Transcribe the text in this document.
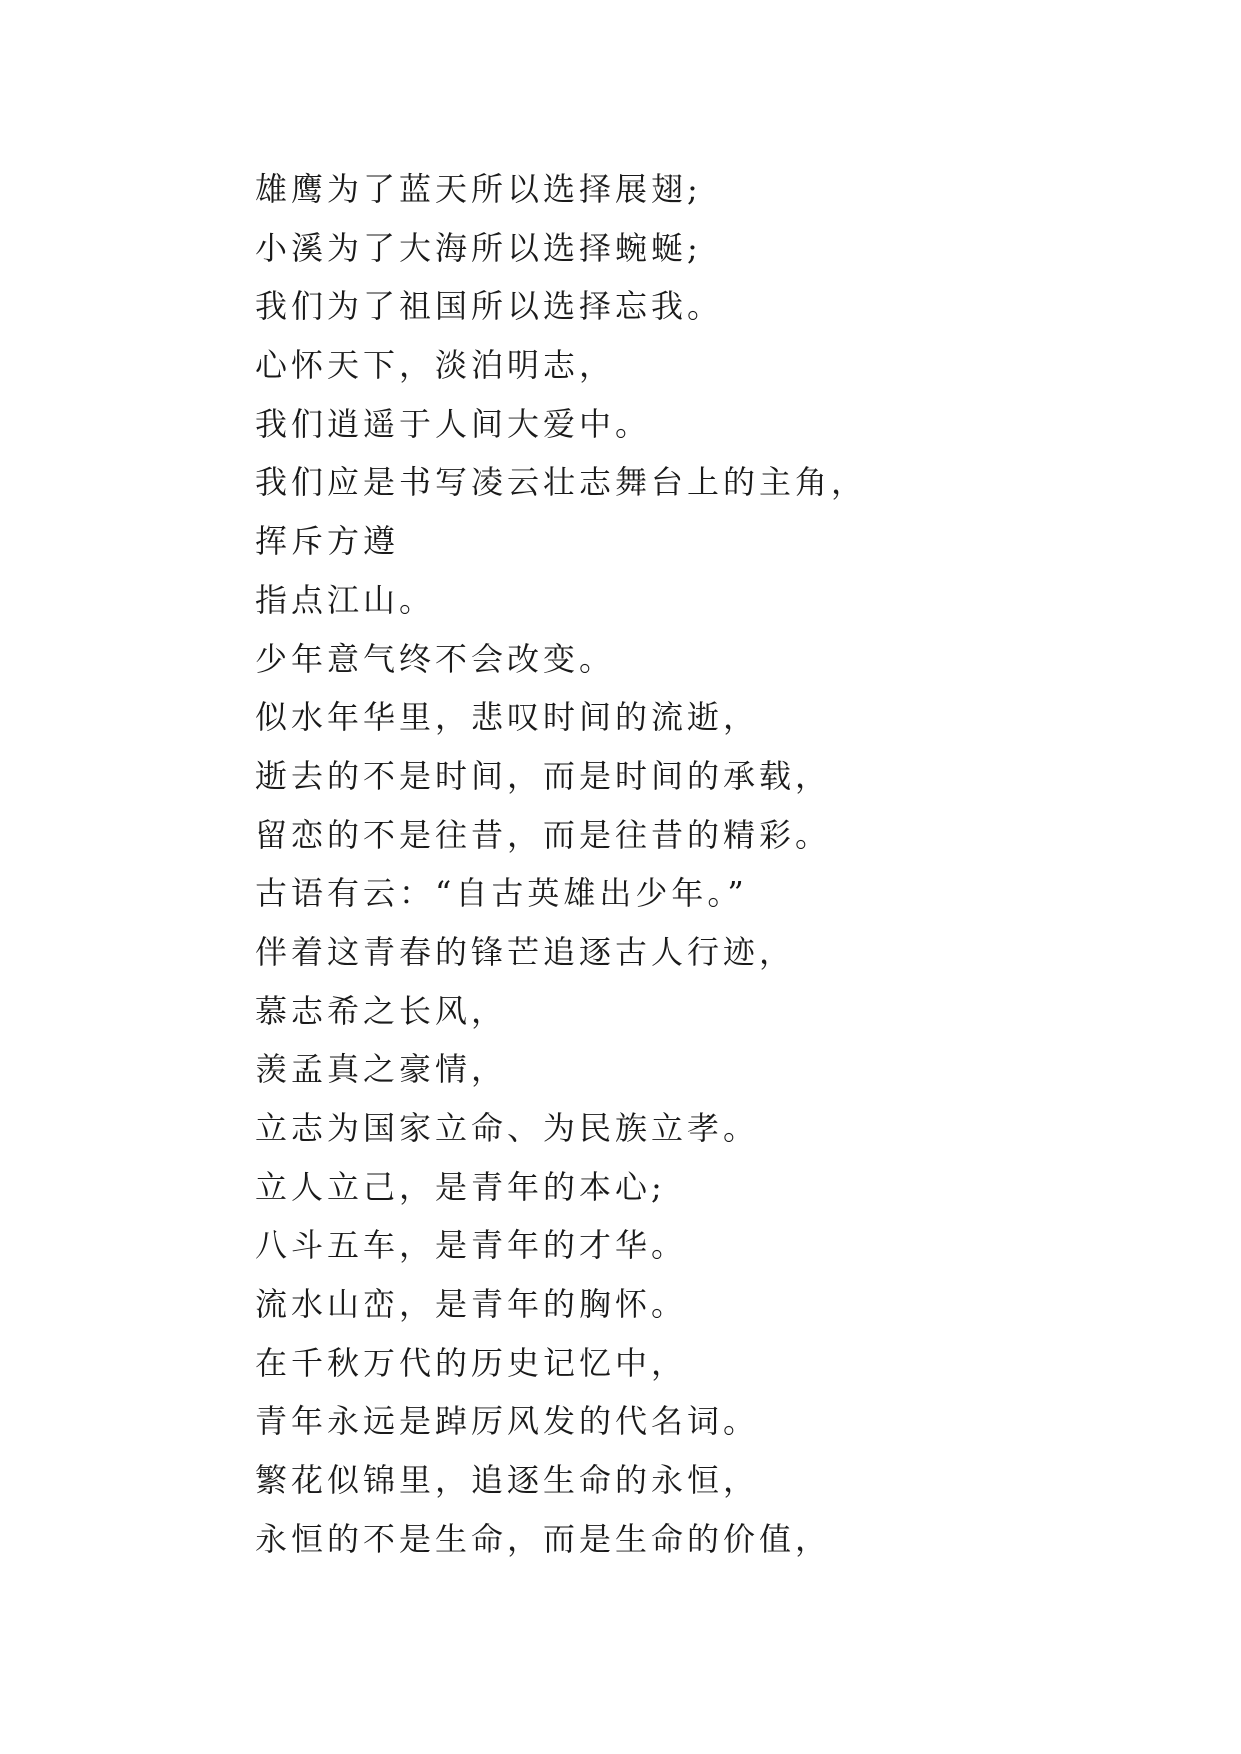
雄鹰为了蓝天所以选择展翅;
小溪为了大海所以选择蜿蜒;
我们为了祖国所以选择忘我。
心怀天下，淡泊明志，
我们逍遥于人间大爱中。
我们应是书写凌云壮志舞台上的主角，
挥斥方遵
指点江山。
少年意气终不会改变。
似水年华里，悲叹时间的流逝，
逝去的不是时间，而是时间的承载，
留恋的不是往昔，而是往昔的精彩。
古语有云：“自古英雄出少年。”
伴着这青春的锋芒追逐古人行迹，
慕志希之长风，
羡孟真之豪情，
立志为国家立命、为民族立孝。
立人立己，是青年的本心;
八斗五车，是青年的才华。
流水山峦，是青年的胸怀。
在千秋万代的历史记忆中，
青年永远是踔厉风发的代名词。
繁花似锦里，追逐生命的永恒，
永恒的不是生命，而是生命的价值，
